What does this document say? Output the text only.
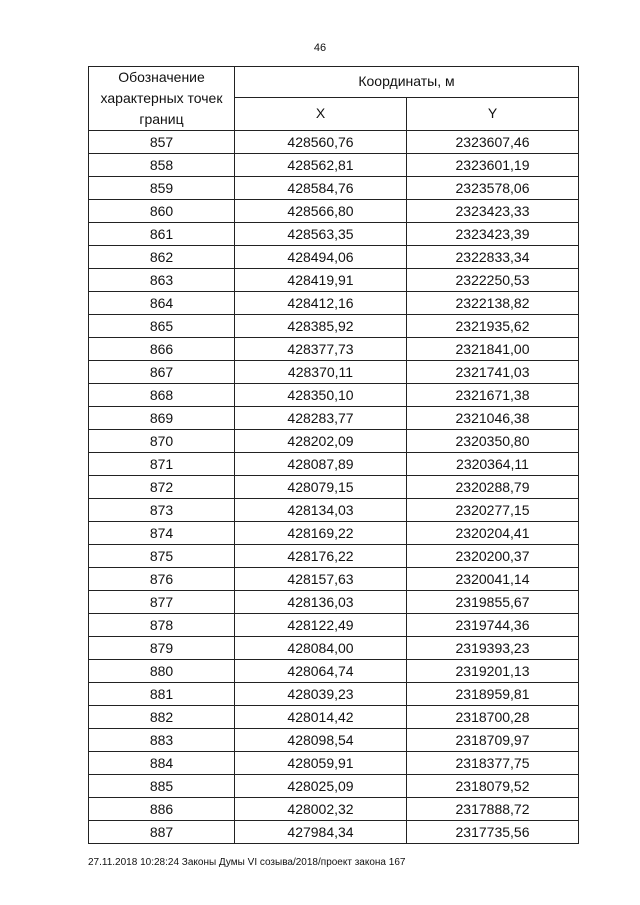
46
Обозначение характерных точек границ	Координаты, м	
	X	Y
857	428560,76	2323607,46
858	428562,81	2323601,19
859	428584,76	2323578,06
860	428566,80	2323423,33
861	428563,35	2323423,39
862	428494,06	2322833,34
863	428419,91	2322250,53
864	428412,16	2322138,82
865	428385,92	2321935,62
866	428377,73	2321841,00
867	428370,11	2321741,03
868	428350,10	2321671,38
869	428283,77	2321046,38
870	428202,09	2320350,80
871	428087,89	2320364,11
872	428079,15	2320288,79
873	428134,03	2320277,15
874	428169,22	2320204,41
875	428176,22	2320200,37
876	428157,63	2320041,14
877	428136,03	2319855,67
878	428122,49	2319744,36
879	428084,00	2319393,23
880	428064,74	2319201,13
881	428039,23	2318959,81
882	428014,42	2318700,28
883	428098,54	2318709,97
884	428059,91	2318377,75
885	428025,09	2318079,52
886	428002,32	2317888,72
887	427984,34	2317735,56
27.11.2018 10:28:24 Законы Думы VI созыва/2018/проект закона 167
